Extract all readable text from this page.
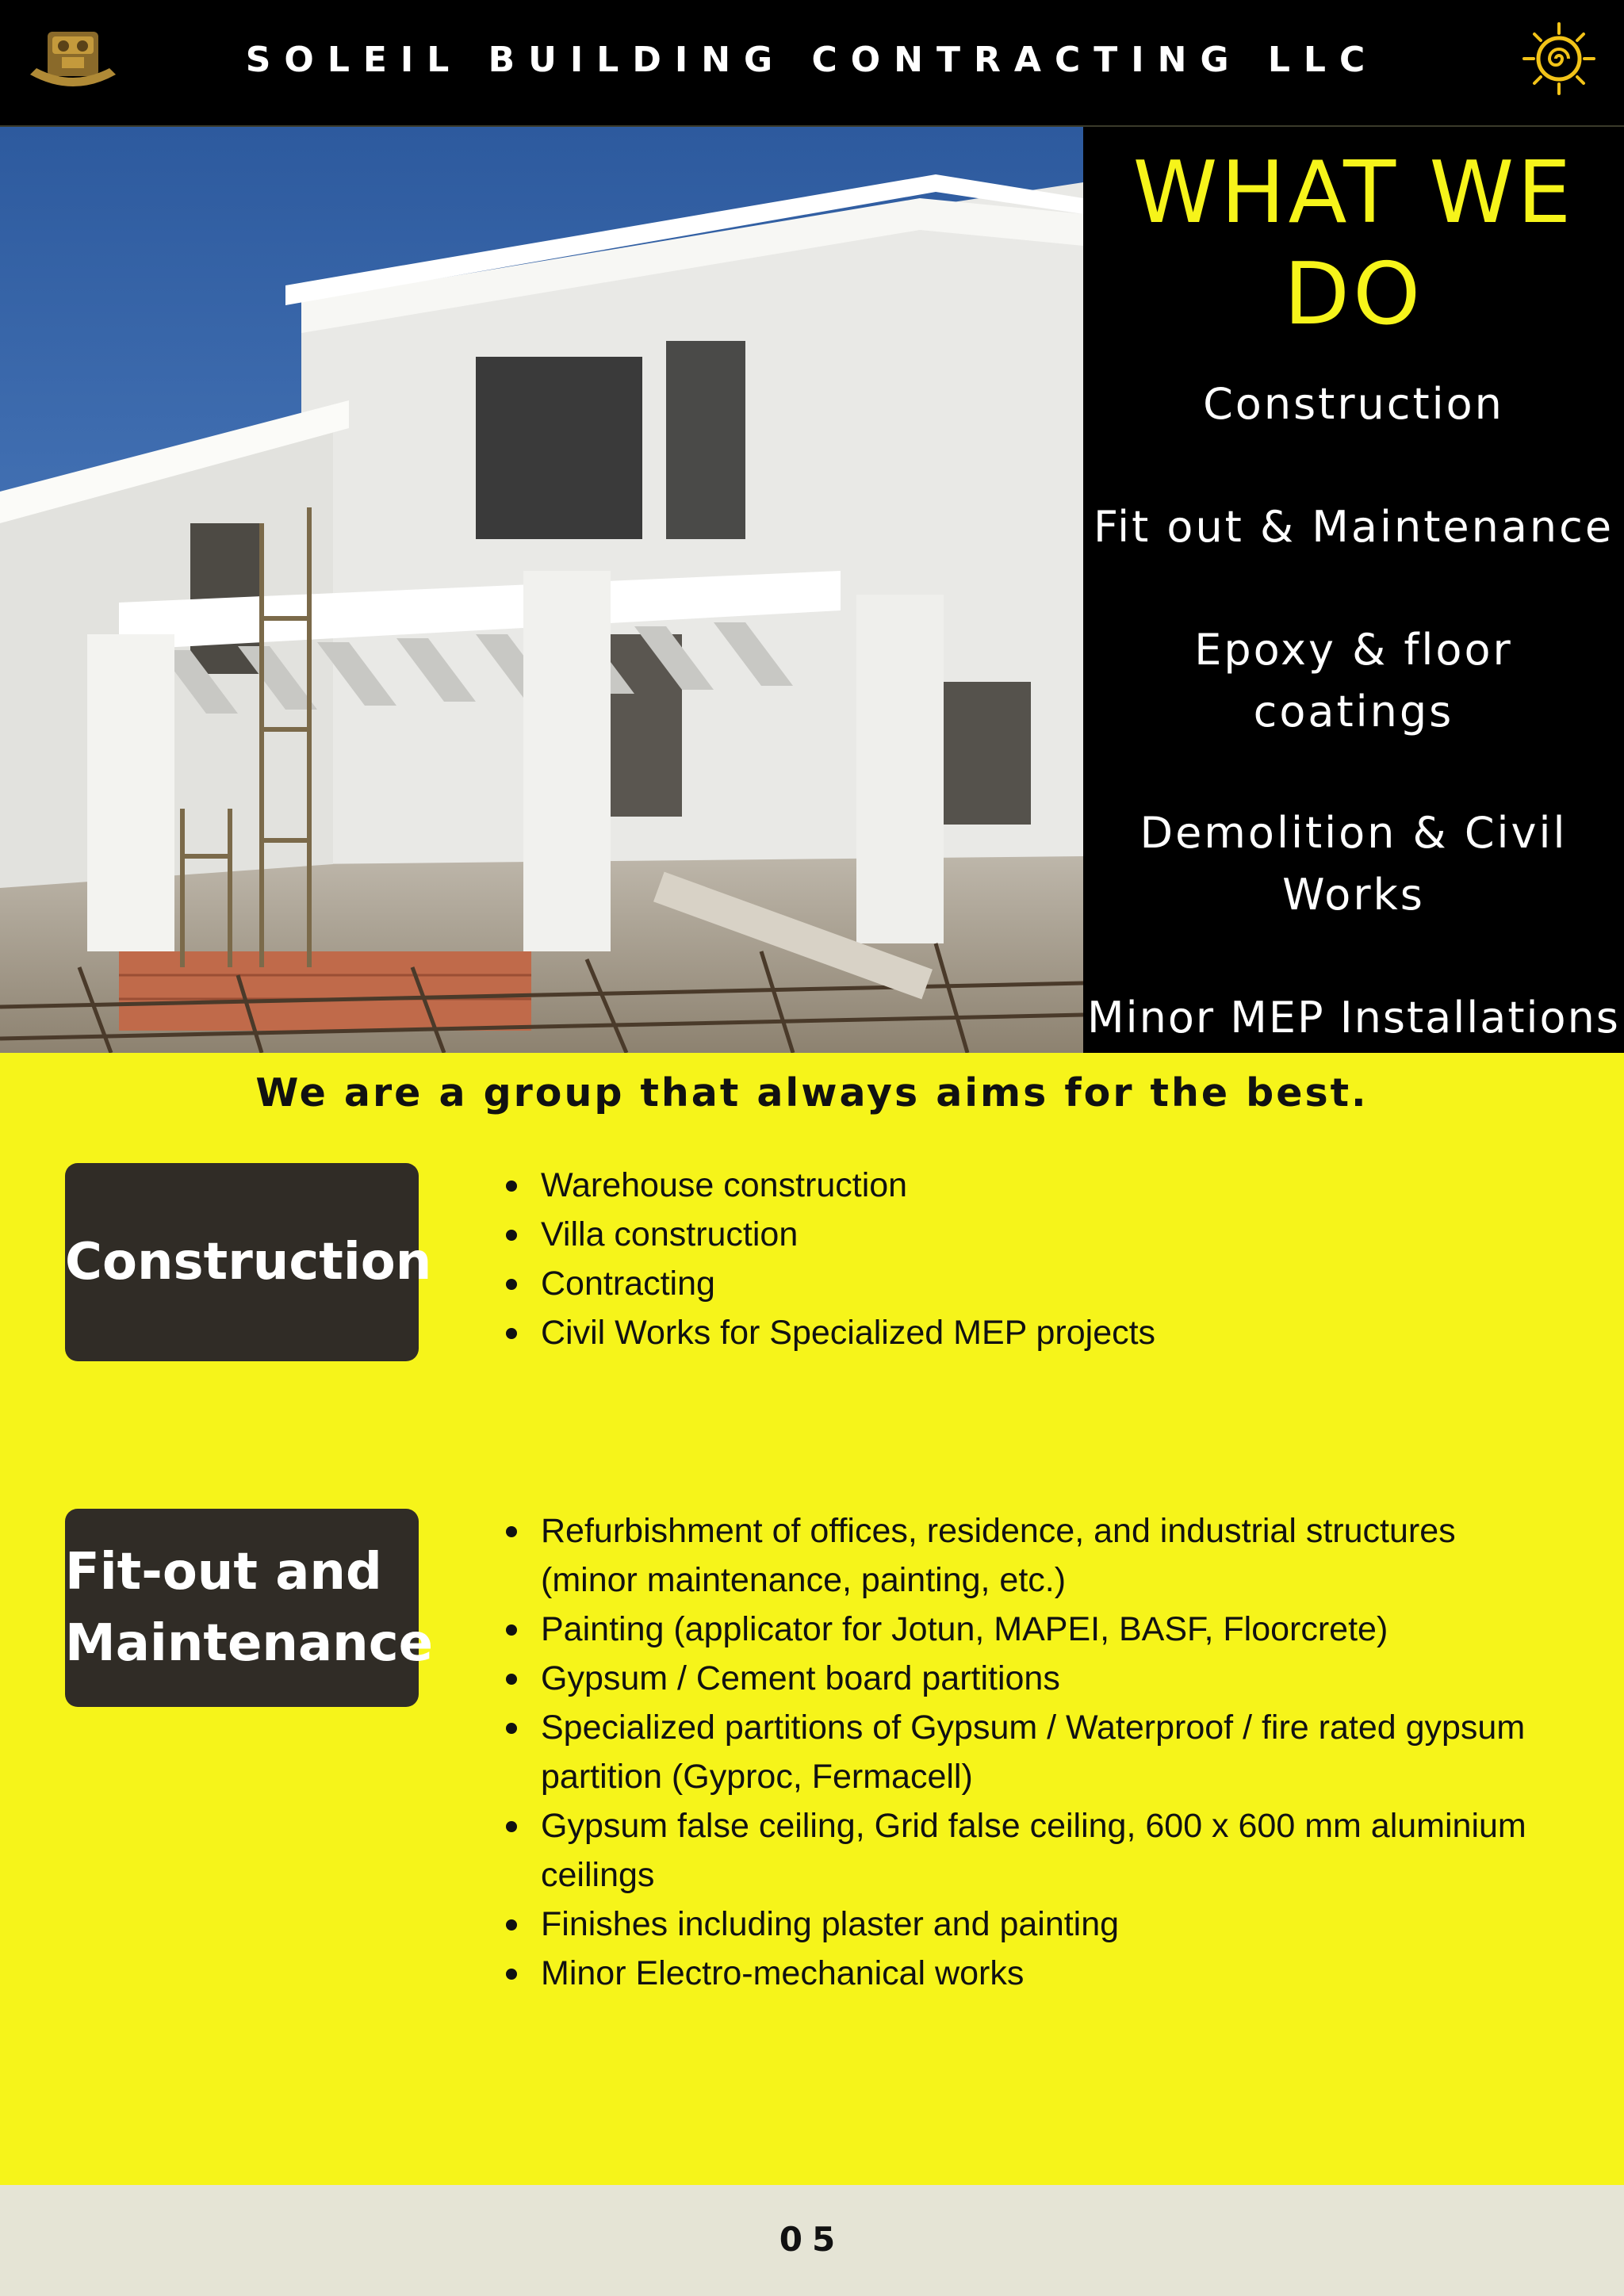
SOLEIL BUILDING CONTRACTING LLC
WHAT WE
DO
Construction
Fit out & Maintenance
Epoxy & floor
coatings
Demolition & Civil
Works
Minor MEP Installations
We are a group that always aims for the best.
Construction
Warehouse construction
Villa construction
Contracting
Civil Works for Specialized MEP projects
Fit-out and
Maintenance
Refurbishment of offices, residence, and industrial structures (minor maintenance, painting, etc.)
Painting (applicator for Jotun, MAPEI, BASF, Floorcrete)
Gypsum / Cement board partitions
Specialized partitions of Gypsum / Waterproof / fire rated gypsum partition (Gyproc, Fermacell)
Gypsum false ceiling, Grid false ceiling, 600 x 600 mm aluminium ceilings
Finishes including plaster and painting
Minor Electro-mechanical works
05
